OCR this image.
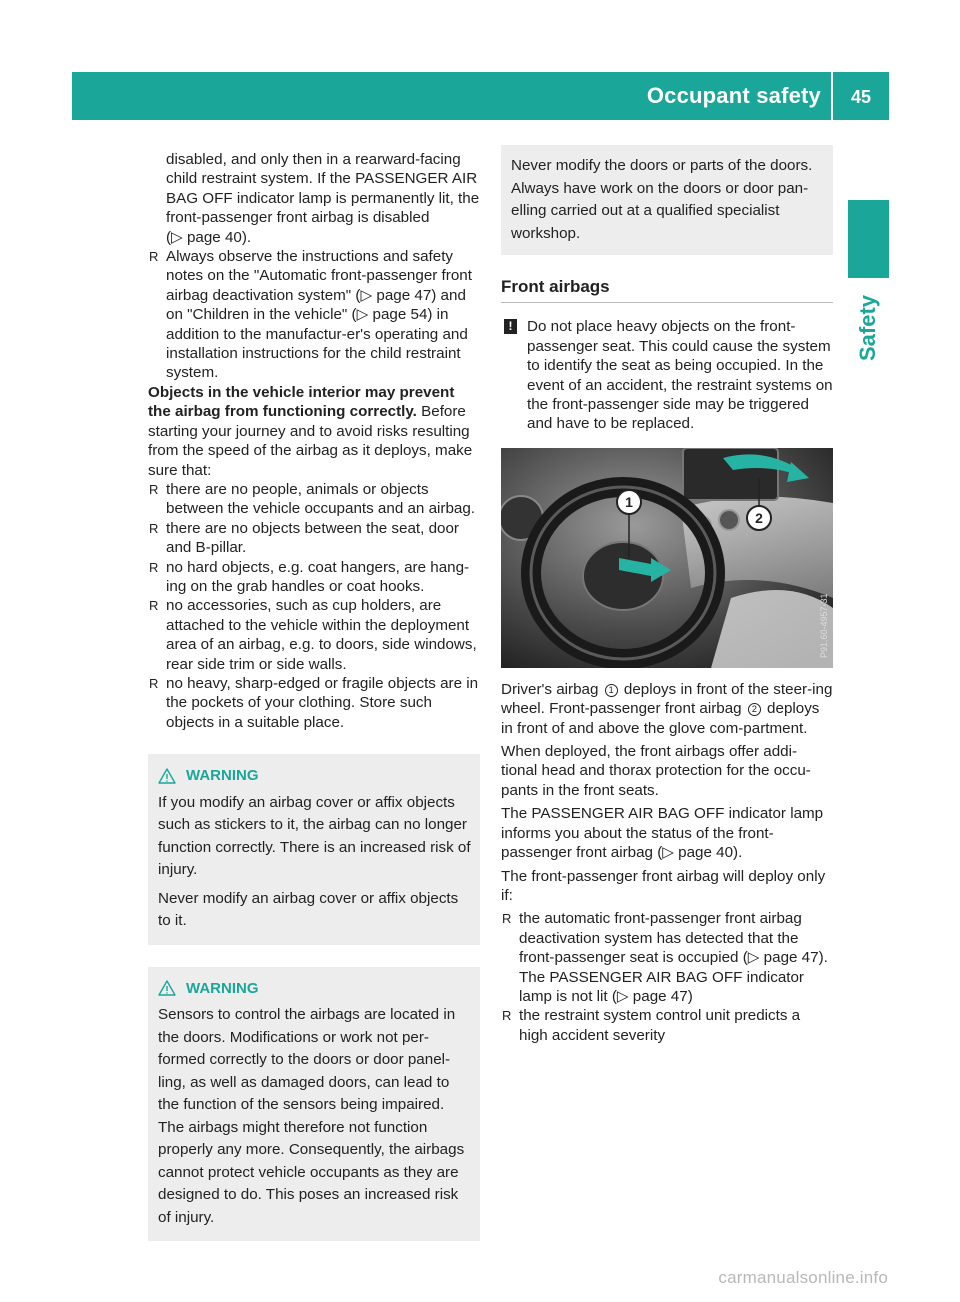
Occupant safety	45
Safety

disabled, and only then in a rearward-facing child restraint system. If the PASSENGER AIR BAG OFF indicator lamp is permanently lit, the front-passenger front airbag is disabled

(▷ page 40).

R Always observe the instructions and safety notes on the "Automatic front-passenger front airbag deactivation system" (▷ page 47) and on "Children in the vehicle" (▷ page 54) in addition to the manufactur-er's operating and installation instructions for the child restraint system.

Objects in the vehicle interior may prevent the airbag from functioning correctly. Before starting your journey and to avoid risks resulting from the speed of the airbag as it deploys, make sure that:

R there are no people, animals or objects between the vehicle occupants and an airbag.

R there are no objects between the seat, door and B-pillar.

R no hard objects, e.g. coat hangers, are hang-ing on the grab handles or coat hooks.

R no accessories, such as cup holders, are attached to the vehicle within the deployment area of an airbag, e.g. to doors, side windows, rear side trim or side walls.

R no heavy, sharp-edged or fragile objects are in the pockets of your clothing. Store such objects in a suitable place.

WARNING

If you modify an airbag cover or affix objects such as stickers to it, the airbag can no longer function correctly. There is an increased risk of injury.

Never modify an airbag cover or affix objects to it.

WARNING

Sensors to control the airbags are located in the doors. Modifications or work not per-formed correctly to the doors or door panel-ling, as well as damaged doors, can lead to the function of the sensors being impaired. The airbags might therefore not function properly any more. Consequently, the airbags cannot protect vehicle occupants as they are designed to do. This poses an increased risk of injury.

Never modify the doors or parts of the doors. Always have work on the doors or door pan-elling carried out at a qualified specialist workshop.

Front airbags

! Do not place heavy objects on the front-passenger seat. This could cause the system to identify the seat as being occupied. In the event of an accident, the restraint systems on the front-passenger side may be triggered and have to be replaced.

1
2
P91.60-4957-31

Driver's airbag 1 deploys in front of the steer-ing wheel. Front-passenger front airbag 2 deploys in front of and above the glove com-partment.

When deployed, the front airbags offer addi-tional head and thorax protection for the occu-pants in the front seats.

The PASSENGER AIR BAG OFF indicator lamp informs you about the status of the front-passenger front airbag (▷ page 40).

The front-passenger front airbag will deploy only if:

R the automatic front-passenger front airbag deactivation system has detected that the front-passenger seat is occupied (▷ page 47). The PASSENGER AIR BAG OFF indicator lamp is not lit (▷ page 47)

R the restraint system control unit predicts a high accident severity

carmanualsonline.info
